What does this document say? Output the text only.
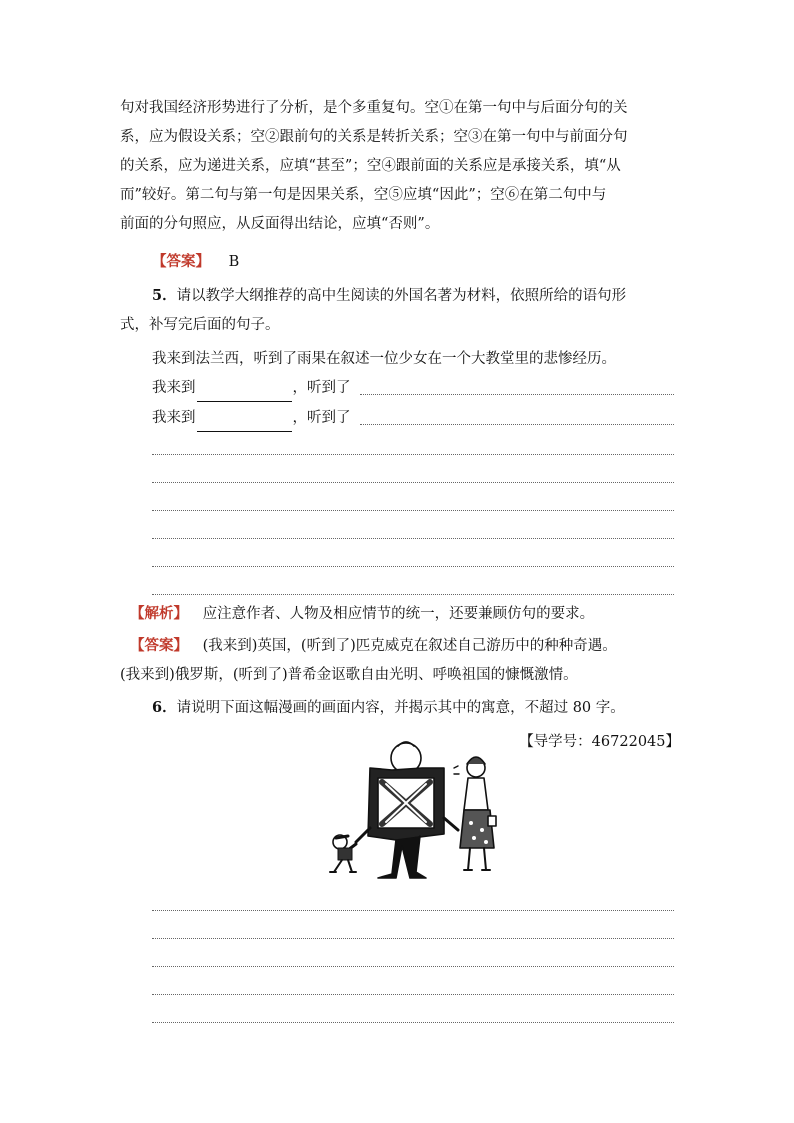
句对我国经济形势进行了分析，是个多重复句。空①在第一句中与后面分句的关
系，应为假设关系；空②跟前句的关系是转折关系；空③在第一句中与前面分句
的关系，应为递进关系，应填“甚至”；空④跟前面的关系应是承接关系，填“从
而”较好。第二句与第一句是因果关系，空⑤应填“因此”；空⑥在第二句中与
前面的分句照应，从反面得出结论，应填“否则”。
【答案】 B
5．请以教学大纲推荐的高中生阅读的外国名著为材料，依照所给的语句形
式，补写完后面的句子。
我来到法兰西，听到了雨果在叙述一位少女在一个大教堂里的悲惨经历。
我来到	，听到了
我来到	，听到了
【解析】 应注意作者、人物及相应情节的统一，还要兼顾仿句的要求。
【答案】 (我来到)英国，(听到了)匹克威克在叙述自己游历中的种种奇遇。
(我来到)俄罗斯，(听到了)普希金讴歌自由光明、呼唤祖国的慷慨激情。
6．请说明下面这幅漫画的画面内容，并揭示其中的寓意，不超过 80 字。
【导学号：46722045】
